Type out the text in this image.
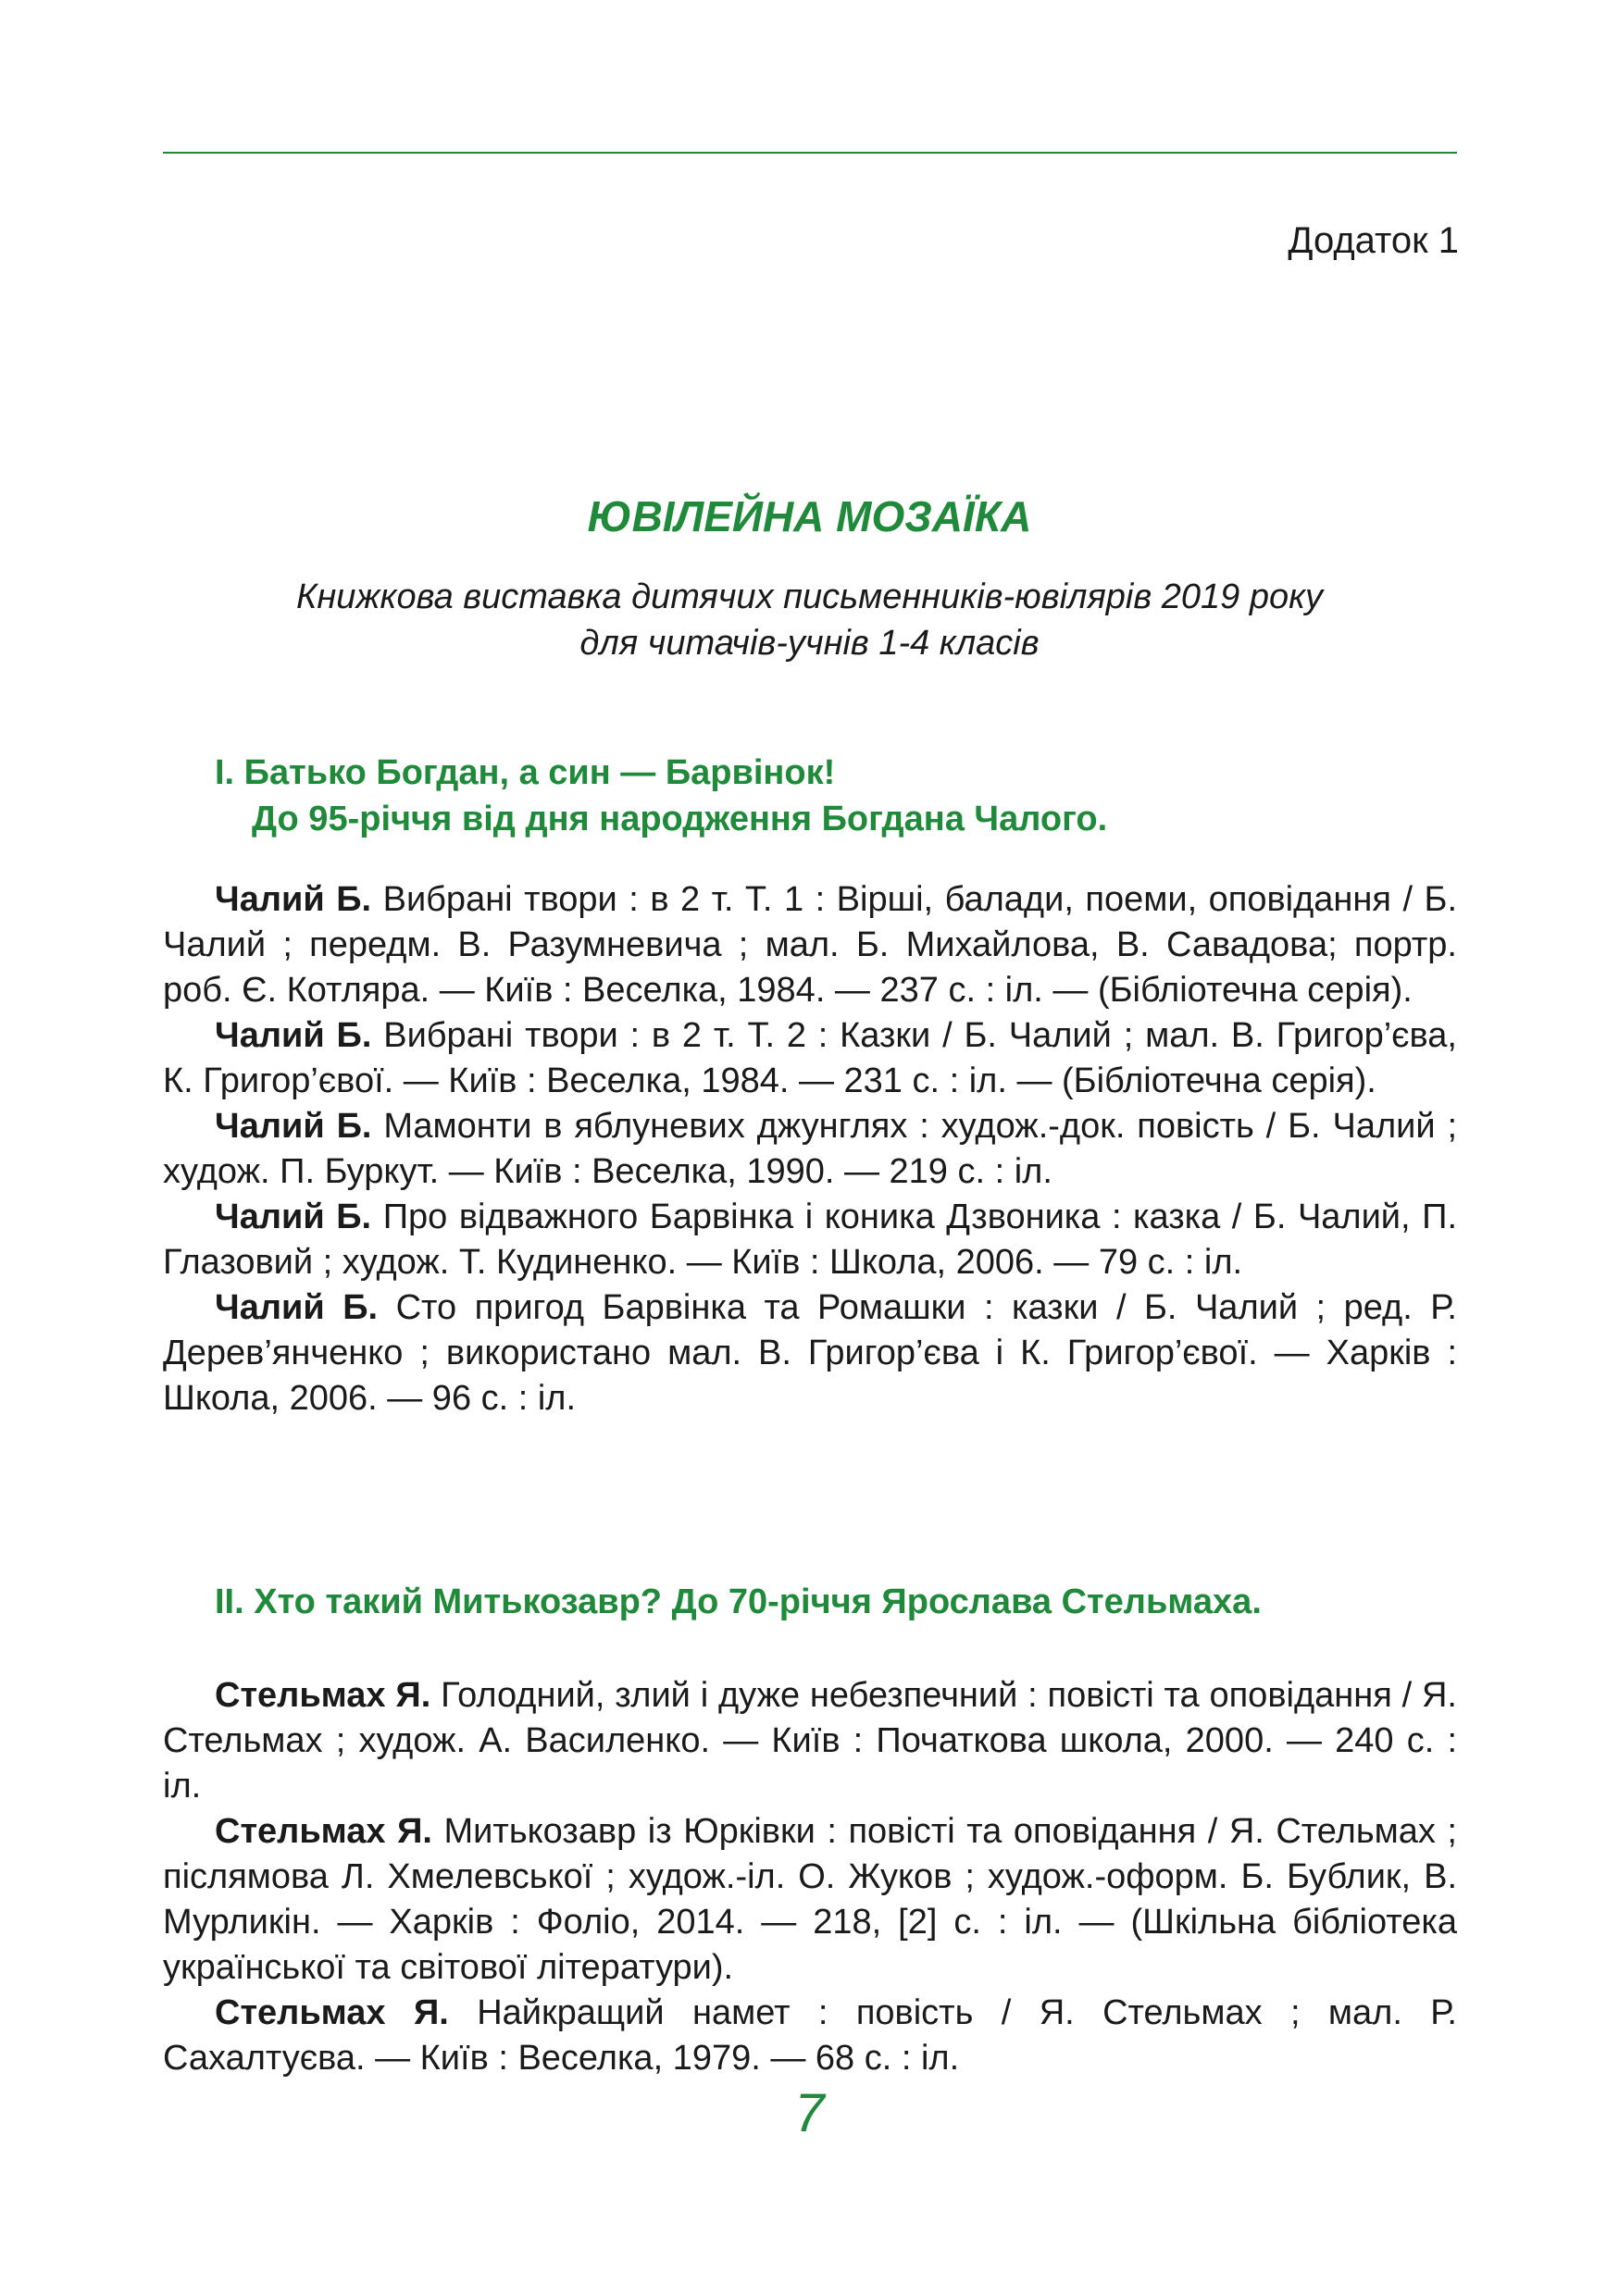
Додаток 1
ЮВІЛЕЙНА МОЗАЇКА
Книжкова виставка дитячих письменників-ювілярів 2019 року
для читачів-учнів 1-4 класів
І. Батько Богдан, а син — Барвінок!
До 95-річчя від дня народження Богдана Чалого.

Чалий Б. Вибрані твори : в 2 т. Т. 1 : Вірші, балади, поеми, оповідання / Б. Чалий ; передм. В. Разумневича ; мал. Б. Михайлова, В. Савадова; портр. роб. Є. Котляра. — Київ : Веселка, 1984. — 237 с. : іл. — (Бібліотечна серія).

Чалий Б. Вибрані твори : в 2 т. Т. 2 : Казки / Б. Чалий ; мал. В. Григор’єва, К. Григор’євої. — Київ : Веселка, 1984. — 231 с. : іл. — (Бібліотечна серія).

Чалий Б. Мамонти в яблуневих джунглях : худож.-док. повість / Б. Чалий ; худож. П. Буркут. — Київ : Веселка, 1990. — 219 с. : іл.

Чалий Б. Про відважного Барвінка і коника Дзвоника : казка / Б. Чалий, П. Глазовий ; худож. Т. Кудиненко. — Київ : Школа, 2006. — 79 с. : іл.

Чалий Б. Сто пригод Барвінка та Ромашки : казки / Б. Чалий ; ред. Р. Дерев’янченко ; використано мал. В. Григор’єва і К. Григор’євої. — Харків : Школа, 2006. — 96 с. : іл.

ІІ. Хто такий Митькозавр? До 70-річчя Ярослава Стельмаха.

Стельмах Я. Голодний, злий і дуже небезпечний : повісті та оповідання / Я. Стельмах ; худож. А. Василенко. — Київ : Початкова школа, 2000. — 240 с. : іл.

Стельмах Я. Митькозавр із Юрківки : повісті та оповідання / Я. Стельмах ; післямова Л. Хмелевської ; худож.-іл. О. Жуков ; худож.-оформ. Б. Бублик, В. Мурликін. — Харків : Фоліо, 2014. — 218, [2] с. : іл. — (Шкільна бібліотека української та світової літератури).

Стельмах Я. Найкращий намет : повість / Я. Стельмах ; мал. Р. Сахалтуєва. — Київ : Веселка, 1979. — 68 с. : іл.

7
